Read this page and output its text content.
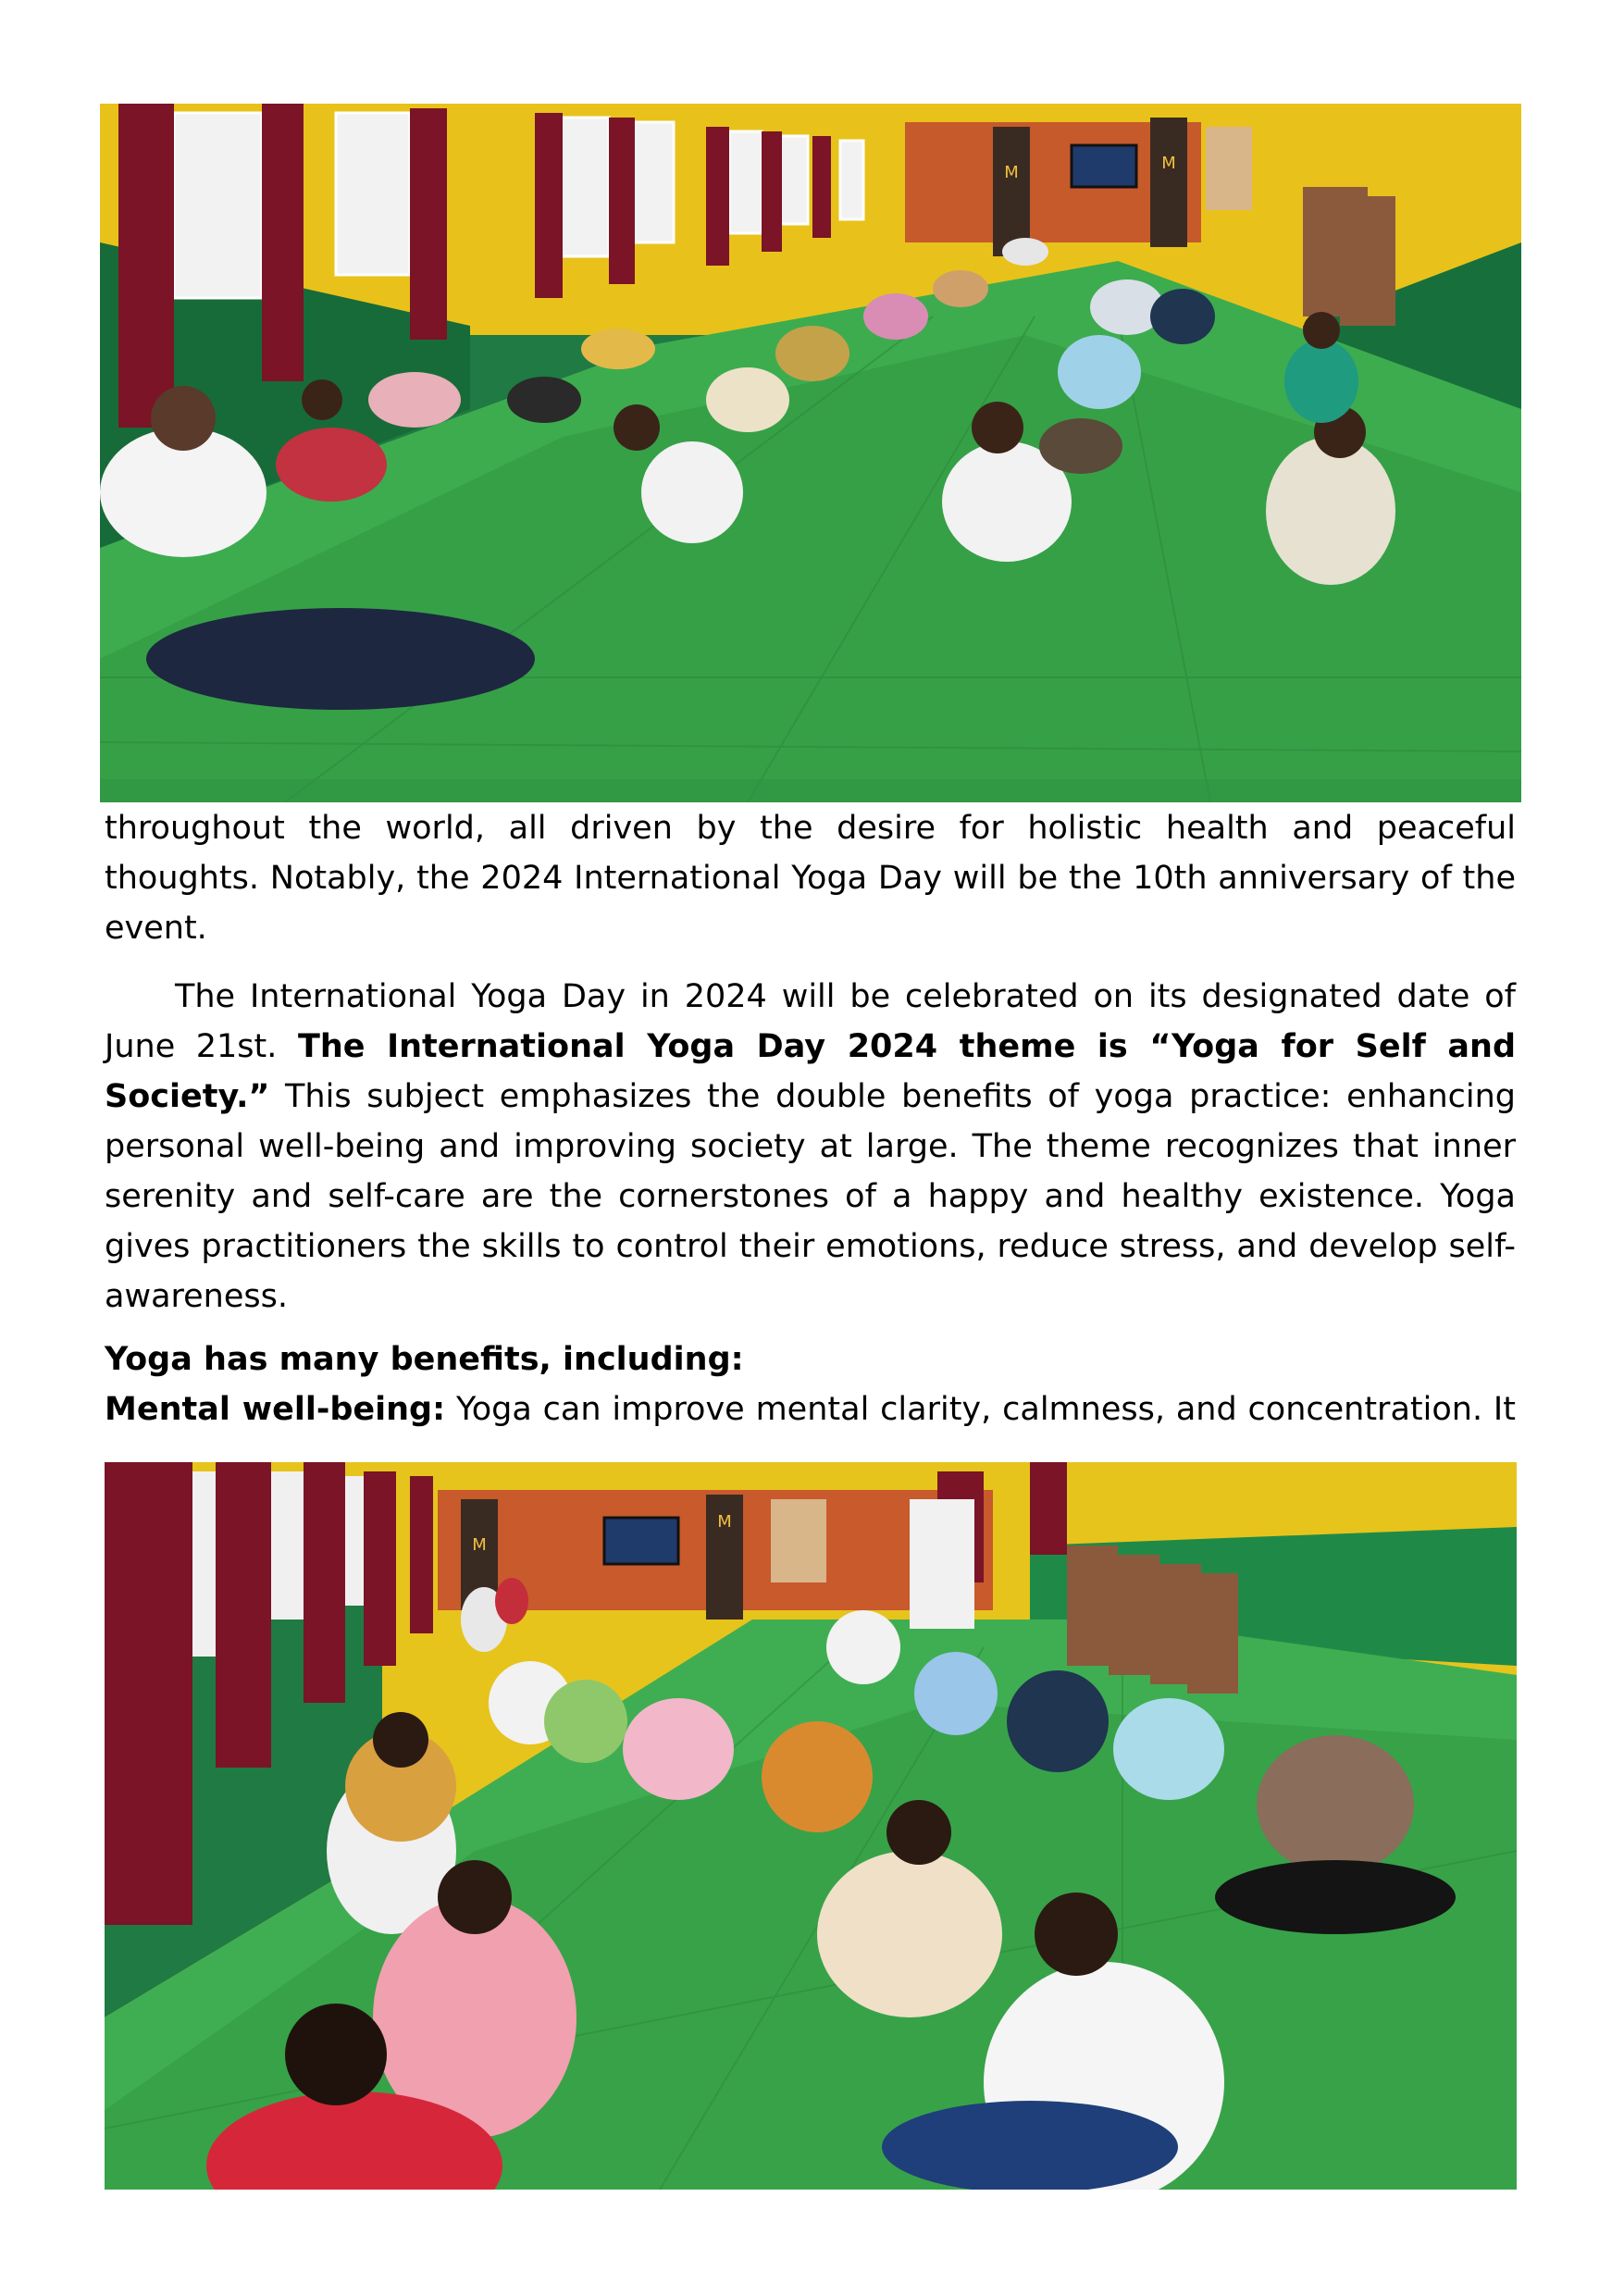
M	M
throughout the world, all driven by the desire for holistic health and peaceful thoughts. Notably, the 2024 International Yoga Day will be the 10th anniversary of the event.
The International Yoga Day in 2024 will be celebrated on its designated date of June 21st. The International Yoga Day 2024 theme is “Yoga for Self and Society.” This subject emphasizes the double benefits of yoga practice: enhancing personal well-being and improving society at large. The theme recognizes that inner serenity and self-care are the cornerstones of a happy and healthy existence. Yoga gives practitioners the skills to control their emotions, reduce stress, and develop self-awareness.
Yoga has many benefits, including:
Mental well-being: Yoga can improve mental clarity, calmness, and concentration. It
M
M
